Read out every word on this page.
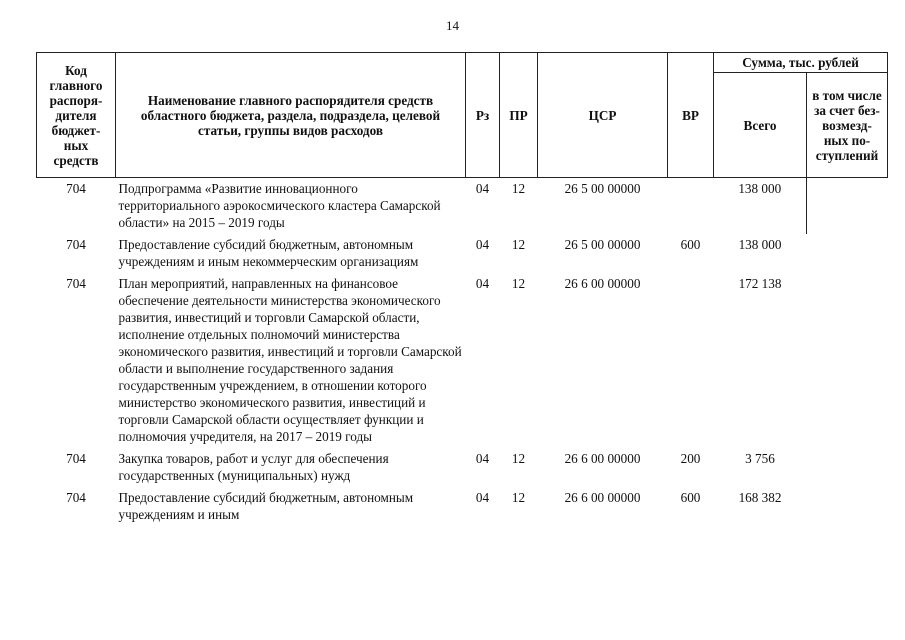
14
Код главного распоря-дителя бюджет-ных средств	Наименование главного распорядителя средств областного бюджета, раздела, подраздела, целевой статьи, группы видов расходов	Рз	ПР	ЦСР	ВР	Сумма, тыс. рублей	
						Всего	в том числе за счет без-возмезд-ных по-ступлений
704	Подпрограмма «Развитие инновационного территориального аэрокосмического кластера Самарской области» на 2015 – 2019 годы	04	12	26 5 00 00000		138 000	
704	Предоставление субсидий бюджетным, автономным учреждениям и иным некоммерческим организациям	04	12	26 5 00 00000	600	138 000	
704	План мероприятий, направленных на финансовое обеспечение деятельности министерства экономического развития, инвестиций и торговли Самарской области, исполнение отдельных полномочий министерства экономического развития, инвестиций и торговли Самарской области и выполнение государственного задания государственным учреждением, в отношении которого министерство экономического развития, инвестиций и торговли Самарской области осуществляет функции и полномочия учредителя, на 2017 – 2019 годы	04	12	26 6 00 00000		172 138	
704	Закупка товаров, работ и услуг для обеспечения государственных (муниципальных) нужд	04	12	26 6 00 00000	200	3 756	
704	Предоставление субсидий бюджетным, автономным учреждениям и иным	04	12	26 6 00 00000	600	168 382	
